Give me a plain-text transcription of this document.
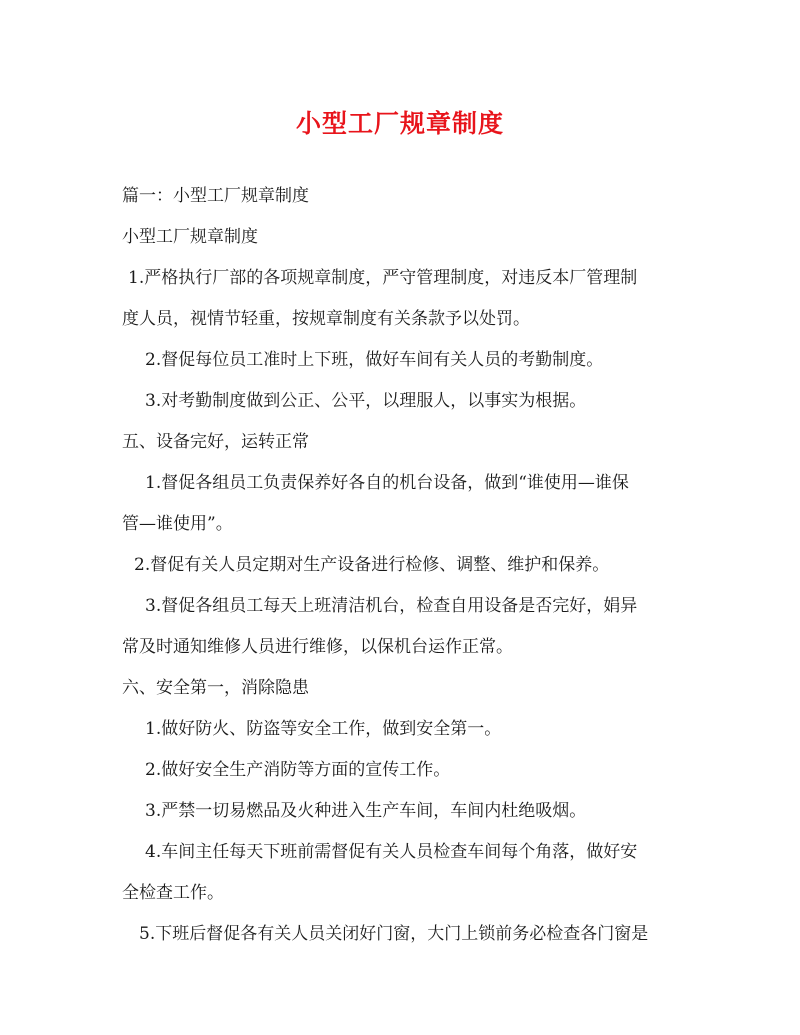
小型工厂规章制度
篇一：小型工厂规章制度
小型工厂规章制度
1.严格执行厂部的各项规章制度，严守管理制度，对违反本厂管理制
度人员，视情节轻重，按规章制度有关条款予以处罚。
2.督促每位员工准时上下班，做好车间有关人员的考勤制度。
3.对考勤制度做到公正、公平，以理服人，以事实为根据。
五、设备完好，运转正常
1.督促各组员工负责保养好各自的机台设备，做到“谁使用—谁保
管—谁使用”。
2.督促有关人员定期对生产设备进行检修、调整、维护和保养。
3.督促各组员工每天上班清洁机台，检查自用设备是否完好，娟异
常及时通知维修人员进行维修，以保机台运作正常。
六、安全第一，消除隐患
1.做好防火、防盗等安全工作，做到安全第一。
2.做好安全生产消防等方面的宣传工作。
3.严禁一切易燃品及火种进入生产车间，车间内杜绝吸烟。
4.车间主任每天下班前需督促有关人员检查车间每个角落，做好安
全检查工作。
5.下班后督促各有关人员关闭好门窗，大门上锁前务必检查各门窗是
